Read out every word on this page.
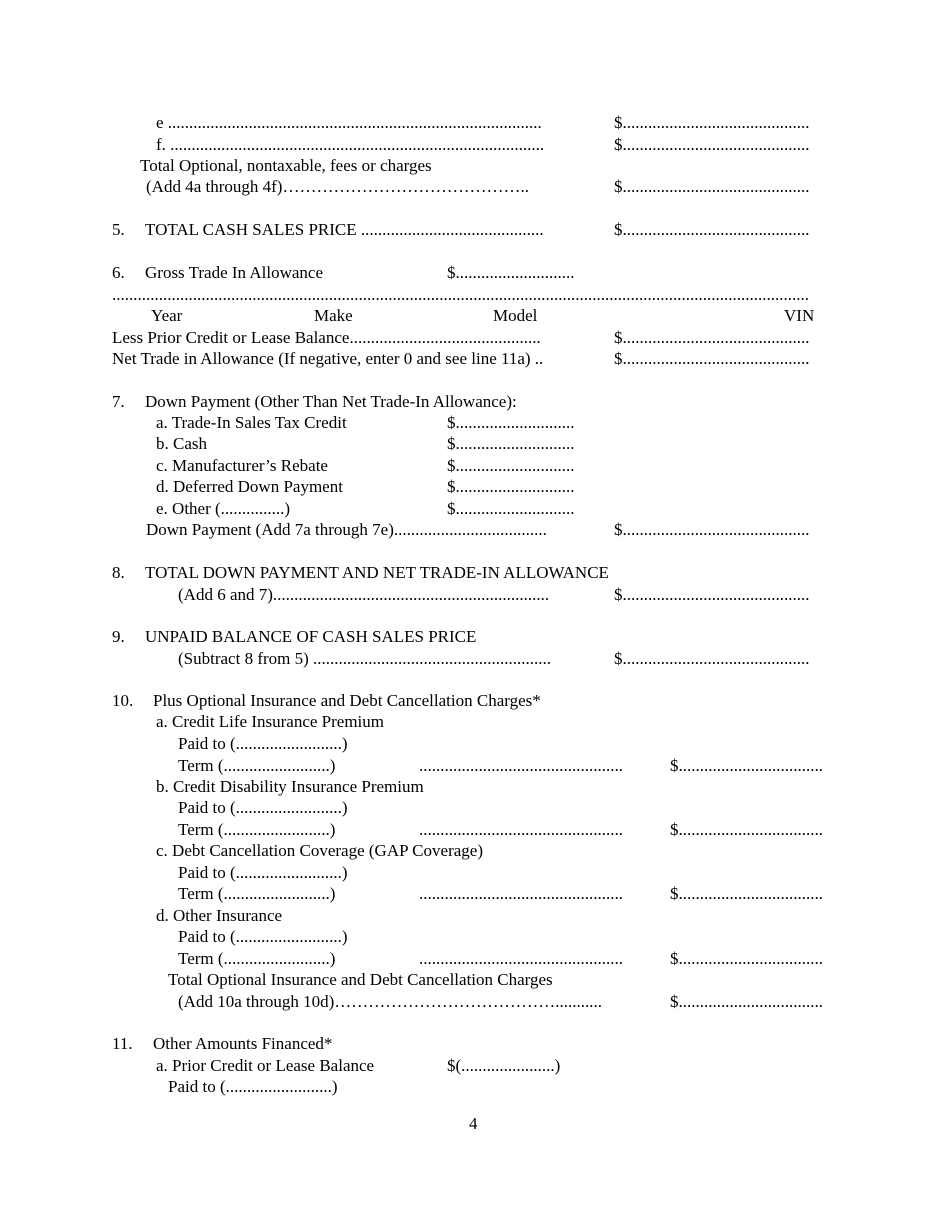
e ........................................................................................	$............................................
f. ........................................................................................	$............................................
Total Optional, nontaxable, fees or charges
(Add 4a through 4f)……………………………………..	$............................................
5. TOTAL CASH SALES PRICE ...........................................	$............................................
6. Gross Trade In Allowance	$............................
....................................................................................................................................................................
Year	Make	Model	VIN
Less Prior Credit or Lease Balance.............................................	$............................................
Net Trade in Allowance (If negative, enter 0 and see line 11a) ..	$............................................
7. Down Payment (Other Than Net Trade-In Allowance):
a. Trade-In Sales Tax Credit	$............................
b. Cash	$............................
c. Manufacturer’s Rebate	$............................
d. Deferred Down Payment	$............................
e. Other (...............)	$............................
Down Payment (Add 7a through 7e)....................................	$............................................
8. TOTAL DOWN PAYMENT AND NET TRADE-IN ALLOWANCE
(Add 6 and 7).................................................................	$............................................
9. UNPAID BALANCE OF CASH SALES PRICE
(Subtract 8 from 5) ........................................................	$............................................
10. Plus Optional Insurance and Debt Cancellation Charges*
a. Credit Life Insurance Premium
Paid to (.........................)
Term (.........................)	................................................	$..................................
b. Credit Disability Insurance Premium
Paid to (.........................)
Term (.........................)	................................................	$..................................
c. Debt Cancellation Coverage (GAP Coverage)
Paid to (.........................)
Term (.........................)	................................................	$..................................
d. Other Insurance
Paid to (.........................)
Term (.........................)	................................................	$..................................
Total Optional Insurance and Debt Cancellation Charges
(Add 10a through 10d)…………………………………...........	$..................................
11. Other Amounts Financed*
a. Prior Credit or Lease Balance	$(......................)
Paid to (.........................)
4
